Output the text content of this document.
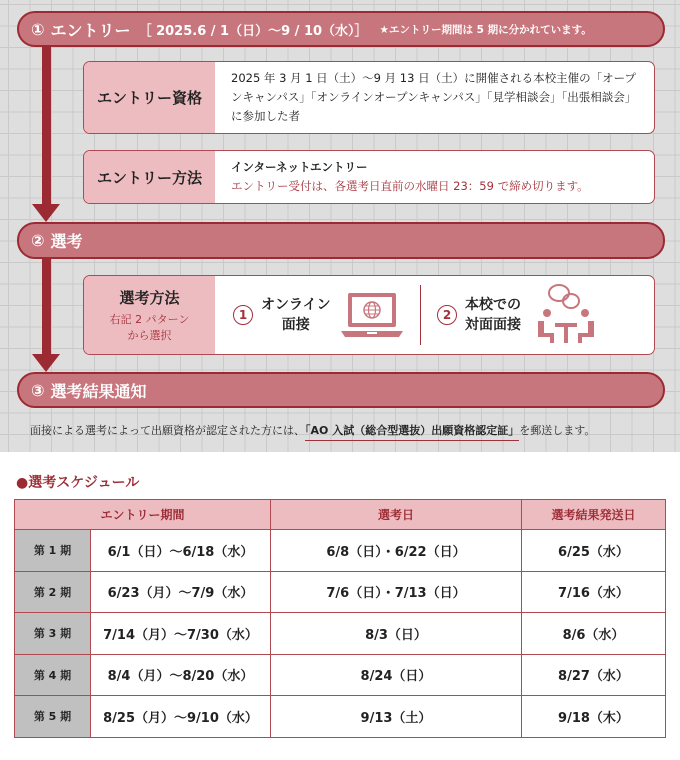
① エントリー ［ 2025.6 / 1（日）～9 / 10（水）］ ★エントリー期間は 5 期に分かれています。
エントリー資格
2025 年 3 月 1 日（土）～9 月 13 日（土）に開催される本校主催の「オープンキャンパス」「オンラインオープンキャンパス」「見学相談会」「出張相談会」に参加した者
エントリー方法
インターネットエントリー
エントリー受付は、各選考日直前の水曜日 23：59 で締め切ります。
② 選考
選考方法
右記 2 パターン
から選択
1
オンライン
面接
2
本校での
対面面接
③ 選考結果通知
面接による選考によって出願資格が認定された方には、「AO 入試（総合型選抜）出願資格認定証」を郵送します。
●選考スケジュール
エントリー期間		選考日	選考結果発送日
第 1 期	6/1（日）～6/18（水）	6/8（日）・6/22（日）	6/25（水）
第 2 期	6/23（月）～7/9（水）	7/6（日）・7/13（日）	7/16（水）
第 3 期	7/14（月）～7/30（水）	8/3（日）	8/6（水）
第 4 期	8/4（月）～8/20（水）	8/24（日）	8/27（水）
第 5 期	8/25（月）～9/10（水）	9/13（土）	9/18（木）
